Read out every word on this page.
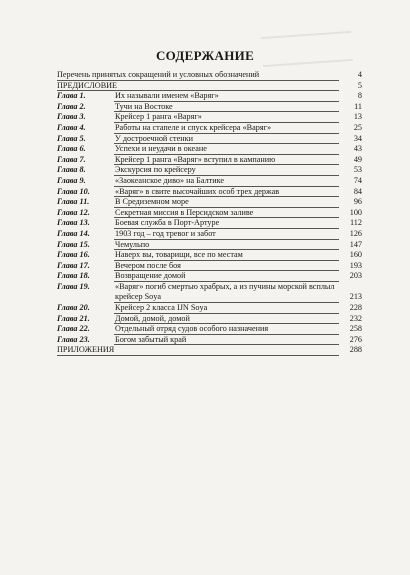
СОДЕРЖАНИЕ
Перечень принятых сокращений и условных обозначений	4
ПРЕДИСЛОВИЕ	5
Глава 1.	Их называли именем «Варяг»	8
Глава 2.	Тучи на Востоке	11
Глава 3.	Крейсер 1 ранга «Варяг»	13
Глава 4.	Работы на стапеле и спуск крейсера «Варяг»	25
Глава 5.	У достроечной стенки	34
Глава 6.	Успехи и неудачи в океане	43
Глава 7.	Крейсер 1 ранга «Варяг» вступил в кампанию	49
Глава 8.	Экскурсия по крейсеру	53
Глава 9.	«Заокеанское диво» на Балтике	74
Глава 10.	«Варяг» в свите высочайших особ трех держав	84
Глава 11.	В Средиземном море	96
Глава 12.	Секретная миссия в Персидском заливе	100
Глава 13.	Боевая служба в Порт-Артуре	112
Глава 14.	1903 год – год тревог и забот	126
Глава 15.	Чемульпо	147
Глава 16.	Наверх вы, товарищи, все по местам	160
Глава 17.	Вечером после боя	193
Глава 18.	Возвращение домой	203
Глава 19.	«Варяг» погиб смертью храбрых, а из пучины морской всплыл крейсер Soya	213
Глава 20.	Крейсер 2 класса IJN Soya	228
Глава 21.	Домой, домой, домой	232
Глава 22.	Отдельный отряд судов особого назначения	258
Глава 23.	Богом забытый край	276
ПРИЛОЖЕНИЯ	288
